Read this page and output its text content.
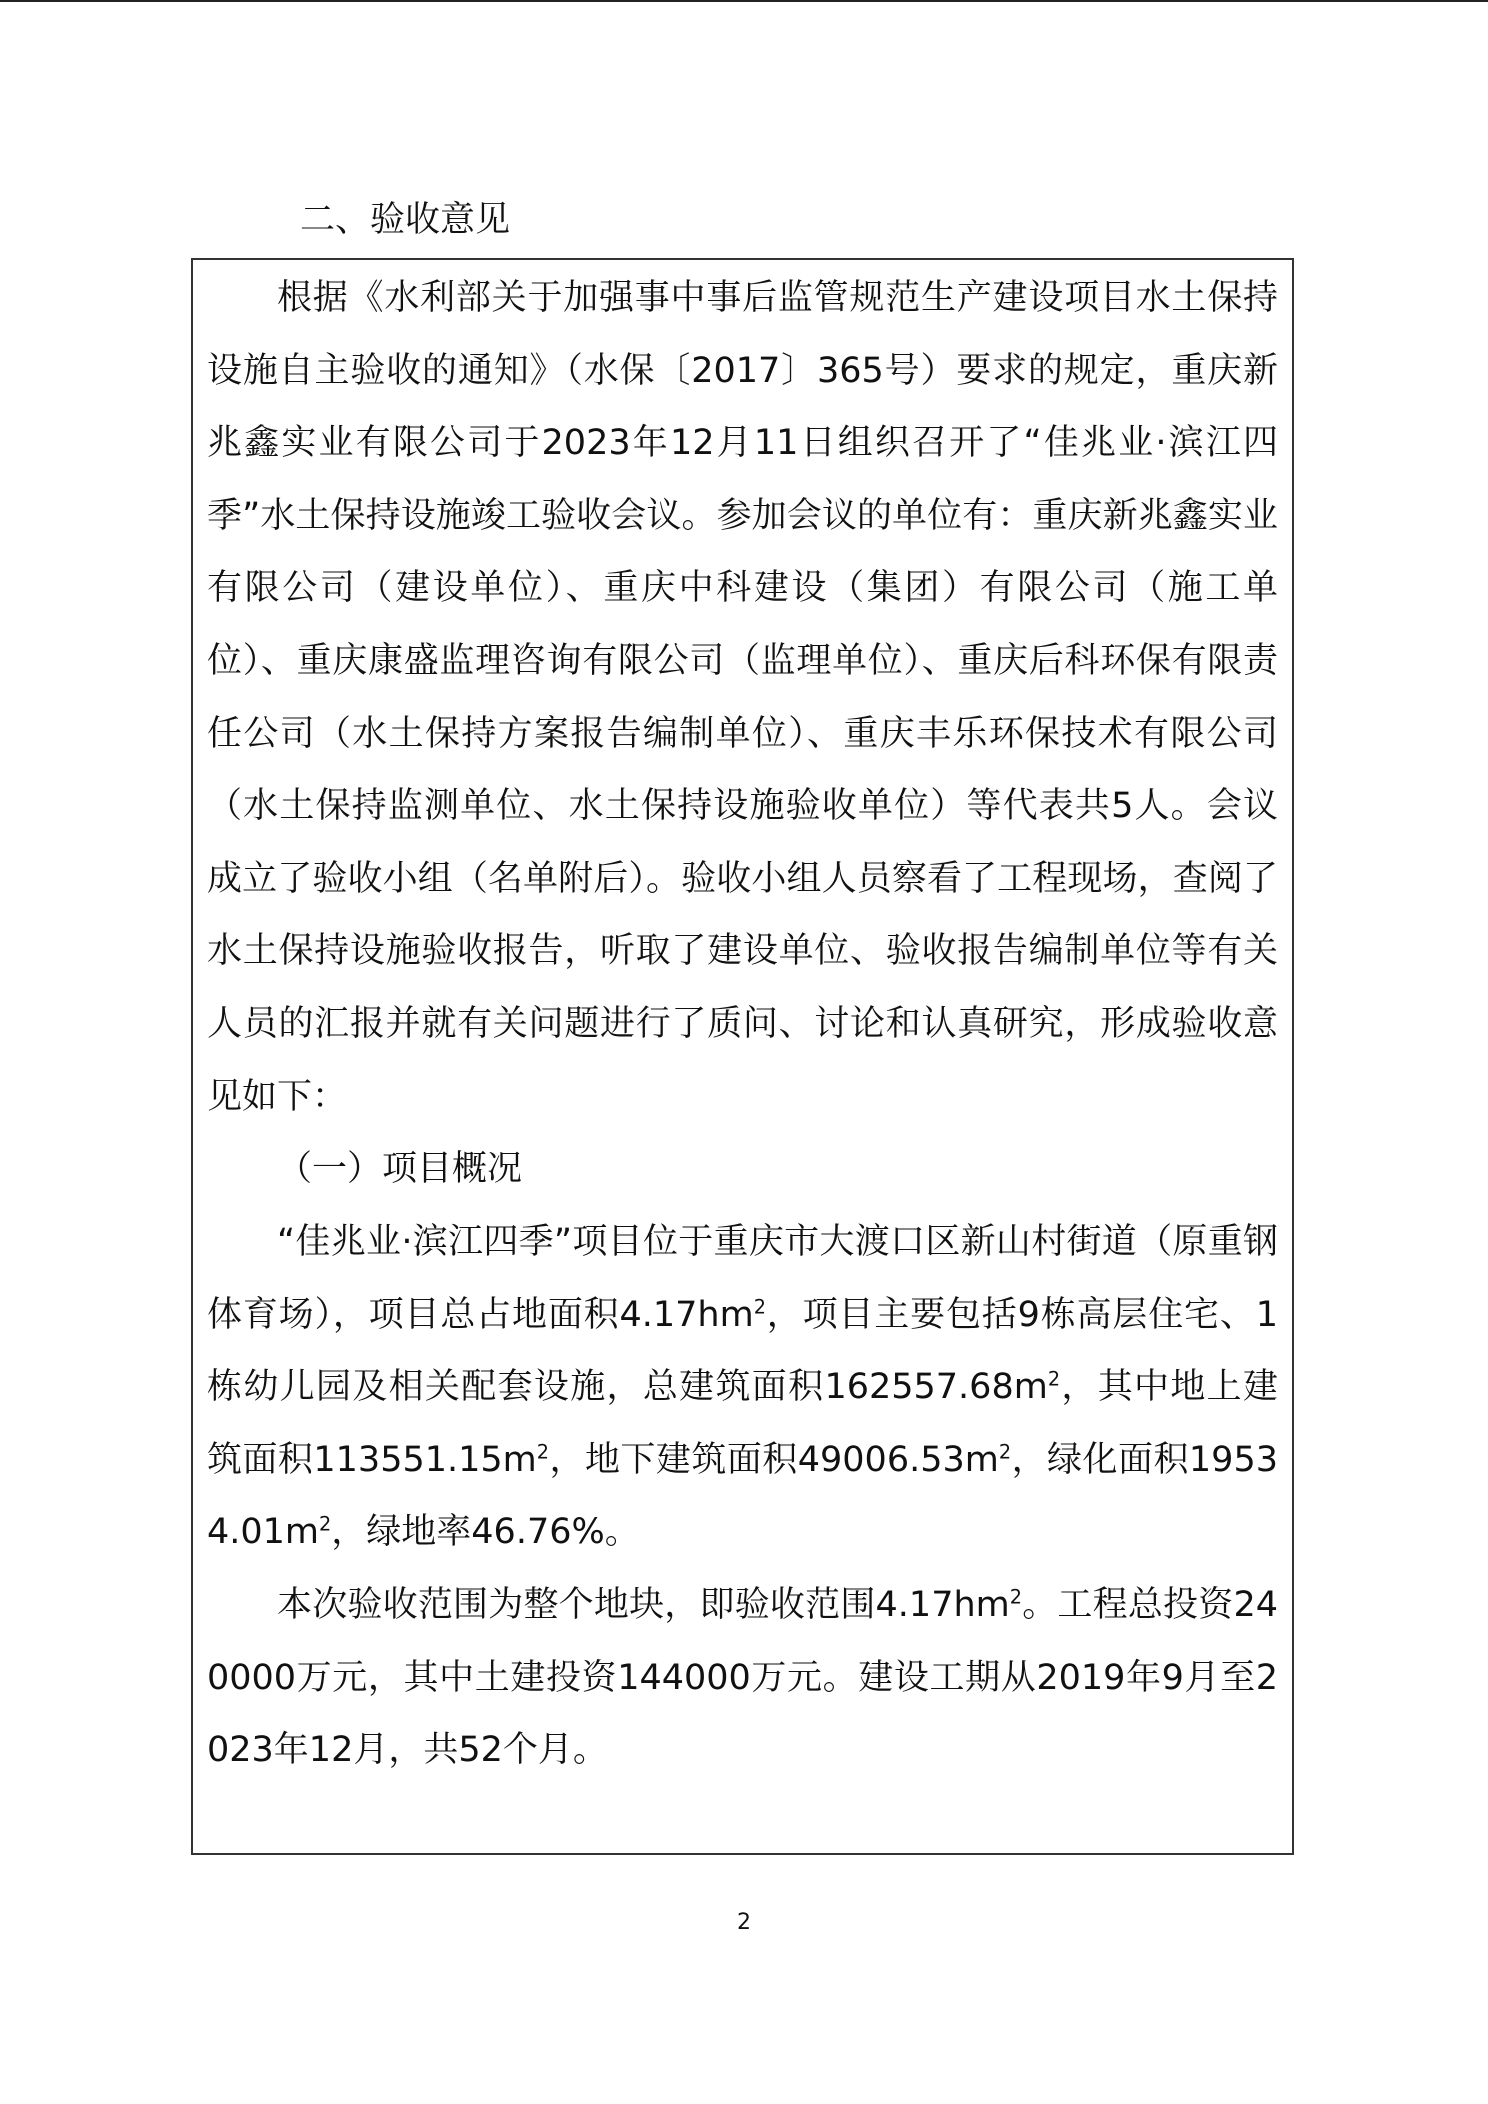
二、验收意见

根据《水利部关于加强事中事后监管规范生产建设项目水土保持设施自主验收的通知》（水保〔2017〕365号）要求的规定，重庆新兆鑫实业有限公司于2023年12月11日组织召开了“佳兆业·滨江四季”水土保持设施竣工验收会议。参加会议的单位有：重庆新兆鑫实业有限公司（建设单位）、重庆中科建设（集团）有限公司（施工单位）、重庆康盛监理咨询有限公司（监理单位）、重庆后科环保有限责任公司（水土保持方案报告编制单位）、重庆丰乐环保技术有限公司（水土保持监测单位、水土保持设施验收单位）等代表共5人。会议成立了验收小组（名单附后）。验收小组人员察看了工程现场，查阅了水土保持设施验收报告，听取了建设单位、验收报告编制单位等有关人员的汇报并就有关问题进行了质问、讨论和认真研究，形成验收意见如下：

（一）项目概况

“佳兆业·滨江四季”项目位于重庆市大渡口区新山村街道（原重钢体育场），项目总占地面积$4.17hm^2$，项目主要包括9栋高层住宅、1栋幼儿园及相关配套设施，总建筑面积$162557.68m^2$，其中地上建筑面积$113551.15m^2$，地下建筑面积$49006.53m^2$，绿化面积$19534.01m^2$，绿地率46.76%。

本次验收范围为整个地块，即验收范围$4.17hm^2$。工程总投资240000万元，其中土建投资144000万元。建设工期从2019年9月至2023年12月，共52个月。

2
